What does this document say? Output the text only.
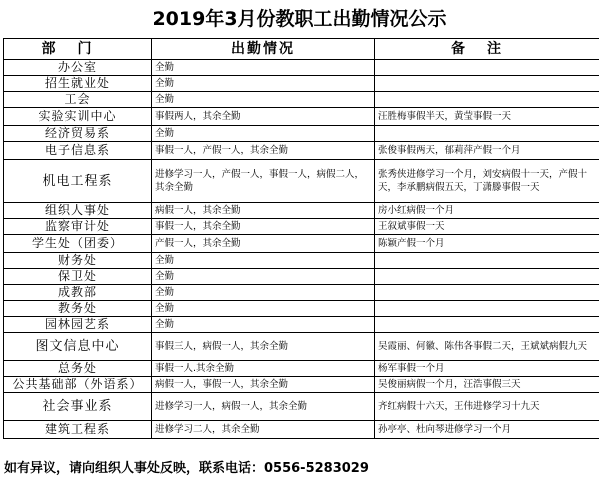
2019年3月份教职工出勤情况公示
部门	出勤情况	备注
办公室	全勤	
招生就业处	全勤	
工会	全勤	
实验实训中心	事假两人，其余全勤	汪胜梅事假半天，黄莹事假一天
经济贸易系	全勤	
电子信息系	事假一人，产假一人，其余全勤	张俊事假两天，郁莉萍产假一个月
机电工程系	进修学习一人，产假一人，事假一人，病假二人，其余全勤	张秀侠进修学习一个月，刘安病假十一天，产假十天，李承鹏病假五天，丁潇滕事假一天
组织人事处	病假一人，其余全勤	房小红病假一个月
监察审计处	事假一人，其余全勤	王叙斌事假一天
学生处（团委）	产假一人，其余全勤	陈颖产假一个月
财务处	全勤	
保卫处	全勤	
成教部	全勤	
教务处	全勤	
园林园艺系	全勤	
图文信息中心	事假三人，病假一人，其余全勤	吴霞丽、何徽、陈伟各事假二天，王斌斌病假九天
总务处	事假一人.其余全勤	杨军事假一个月
公共基础部（外语系）	病假一人，事假一人，其余全勤	吴俊丽病假一个月，汪浩事假三天
社会事业系	进修学习一人，病假一人，其余全勤	齐红病假十六天，王伟进修学习十九天
建筑工程系	进修学习二人，其余全勤	孙亭亭、杜向琴进修学习一个月
如有异议，请向组织人事处反映，联系电话：0556-5283029
